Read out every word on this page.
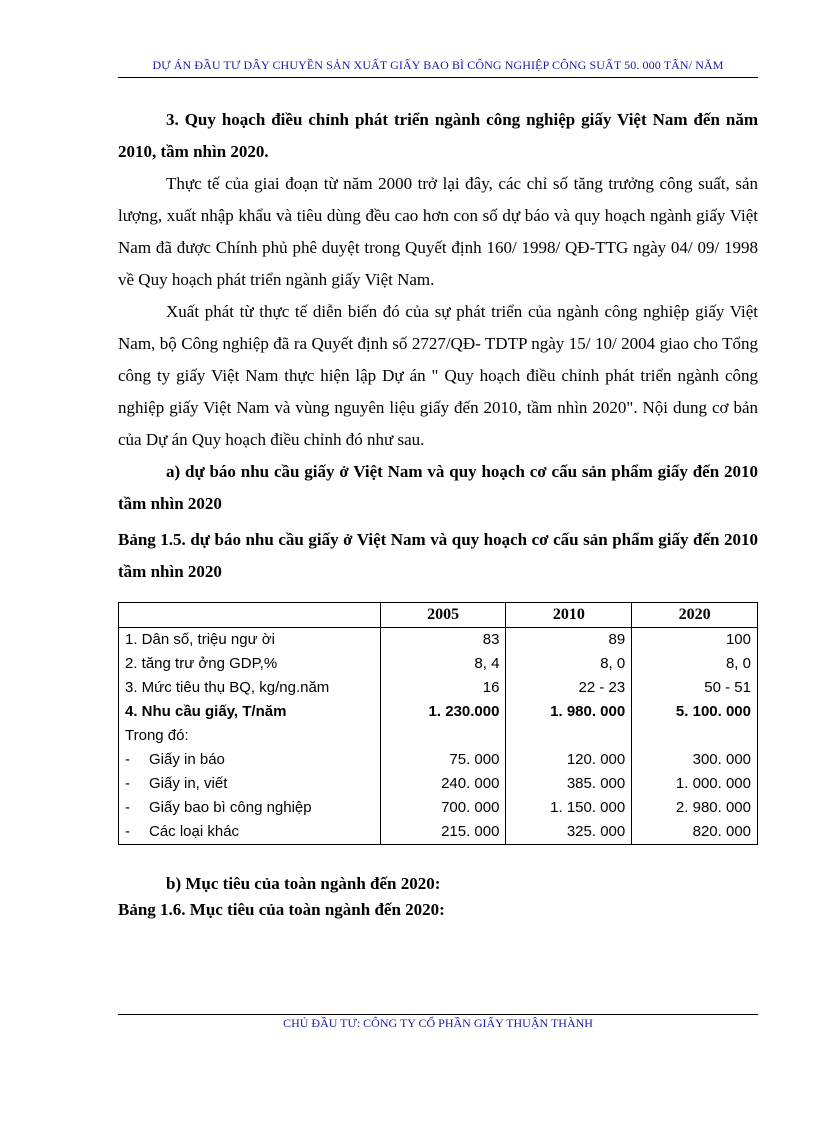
DỰ ÁN ĐẦU TƯ DÂY CHUYỀN SẢN XUẤT GIẤY BAO BÌ CÔNG NGHIỆP CÔNG SUẤT 50. 000 TẤN/ NĂM

3. Quy hoạch điều chỉnh phát triển ngành công nghiệp giấy Việt Nam đến năm 2010, tầm nhìn 2020.

Thực tế của giai đoạn từ năm 2000 trở lại đây, các chỉ số tăng trưởng công suất, sản lượng, xuất nhập khẩu và tiêu dùng đều cao hơn con số dự báo và quy hoạch ngành giấy Việt Nam đã được Chính phủ phê duyệt trong Quyết định 160/ 1998/ QĐ-TTG ngày 04/ 09/ 1998 về Quy hoạch phát triển ngành giấy Việt Nam.

Xuất phát từ thực tế diễn biến đó của sự phát triển của ngành công nghiệp giấy Việt Nam, bộ Công nghiệp đã ra Quyết định số 2727/QĐ- TDTP ngày 15/ 10/ 2004 giao cho Tổng công ty giấy Việt Nam thực hiện lập Dự án " Quy hoạch điều chỉnh phát triển ngành công nghiệp giấy Việt Nam và vùng nguyên liệu giấy đến 2010, tầm nhìn 2020". Nội dung cơ bản của Dự án Quy hoạch điều chỉnh đó như sau.

a) dự báo nhu cầu giấy ở Việt Nam và quy hoạch cơ cấu sản phẩm giấy đến 2010 tầm nhìn 2020

Bảng 1.5. dự báo nhu cầu giấy ở Việt Nam và quy hoạch cơ cấu sản phẩm giấy đến 2010 tầm nhìn 2020

	2005	2010	2020
1. Dân số, triệu ngư ời	83	89	100
2. tăng trư ởng GDP,%	8, 4	8, 0	8, 0
3. Mức tiêu thụ BQ, kg/ng.năm	16	22 - 23	50 - 51
4. Nhu cầu giấy, T/năm	1. 230.000	1. 980. 000	5. 100. 000
Trong đó:			
- Giấy in báo	75. 000	120. 000	300. 000
- Giấy in, viết	240. 000	385. 000	1. 000. 000
- Giấy bao bì công nghiệp	700. 000	1. 150. 000	2. 980. 000
- Các loại khác	215. 000	325. 000	820. 000

b) Mục tiêu của toàn ngành đến 2020:

Bảng 1.6. Mục tiêu của toàn ngành đến 2020:

CHỦ ĐẦU TƯ: CÔNG TY CỔ PHẦN GIẤY THUẬN THÀNH
